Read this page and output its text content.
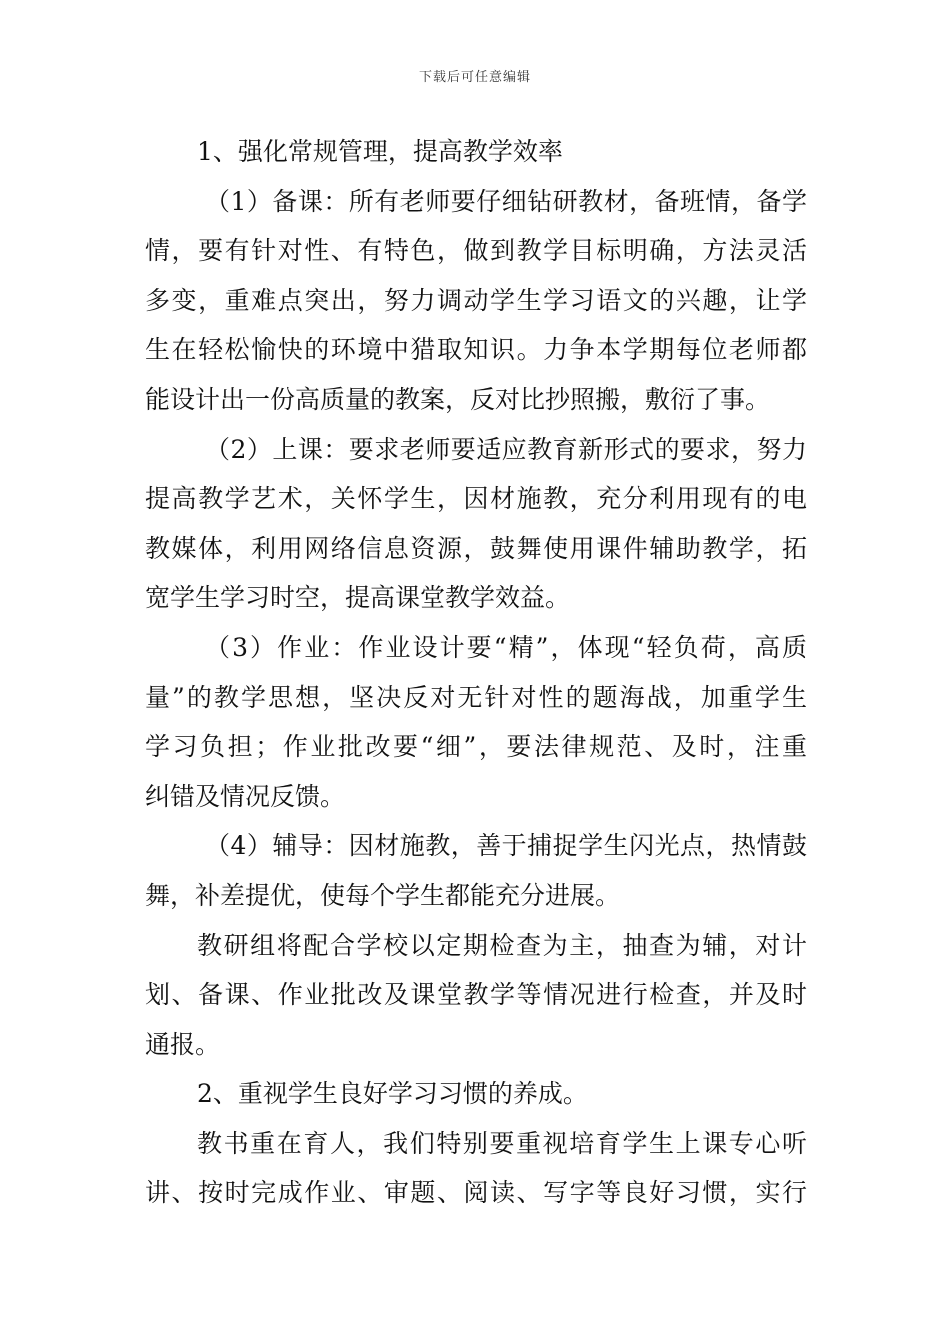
下载后可任意编辑
1、强化常规管理，提高教学效率
（1）备课：所有老师要仔细钻研教材，备班情，备学
情，要有针对性、有特色，做到教学目标明确，方法灵活
多变，重难点突出，努力调动学生学习语文的兴趣，让学
生在轻松愉快的环境中猎取知识。力争本学期每位老师都
能设计出一份高质量的教案，反对比抄照搬，敷衍了事。
（2）上课：要求老师要适应教育新形式的要求，努力
提高教学艺术，关怀学生，因材施教，充分利用现有的电
教媒体，利用网络信息资源，鼓舞使用课件辅助教学，拓
宽学生学习时空，提高课堂教学效益。
（3）作业：作业设计要“精”，体现“轻负荷，高质
量”的教学思想，坚决反对无针对性的题海战，加重学生
学习负担；作业批改要“细”，要法律规范、及时，注重
纠错及情况反馈。
（4）辅导：因材施教，善于捕捉学生闪光点，热情鼓
舞，补差提优，使每个学生都能充分进展。
教研组将配合学校以定期检查为主，抽查为辅，对计
划、备课、作业批改及课堂教学等情况进行检查，并及时
通报。
2、重视学生良好学习习惯的养成。
教书重在育人，我们特别要重视培育学生上课专心听
讲、按时完成作业、审题、阅读、写字等良好习惯，实行
